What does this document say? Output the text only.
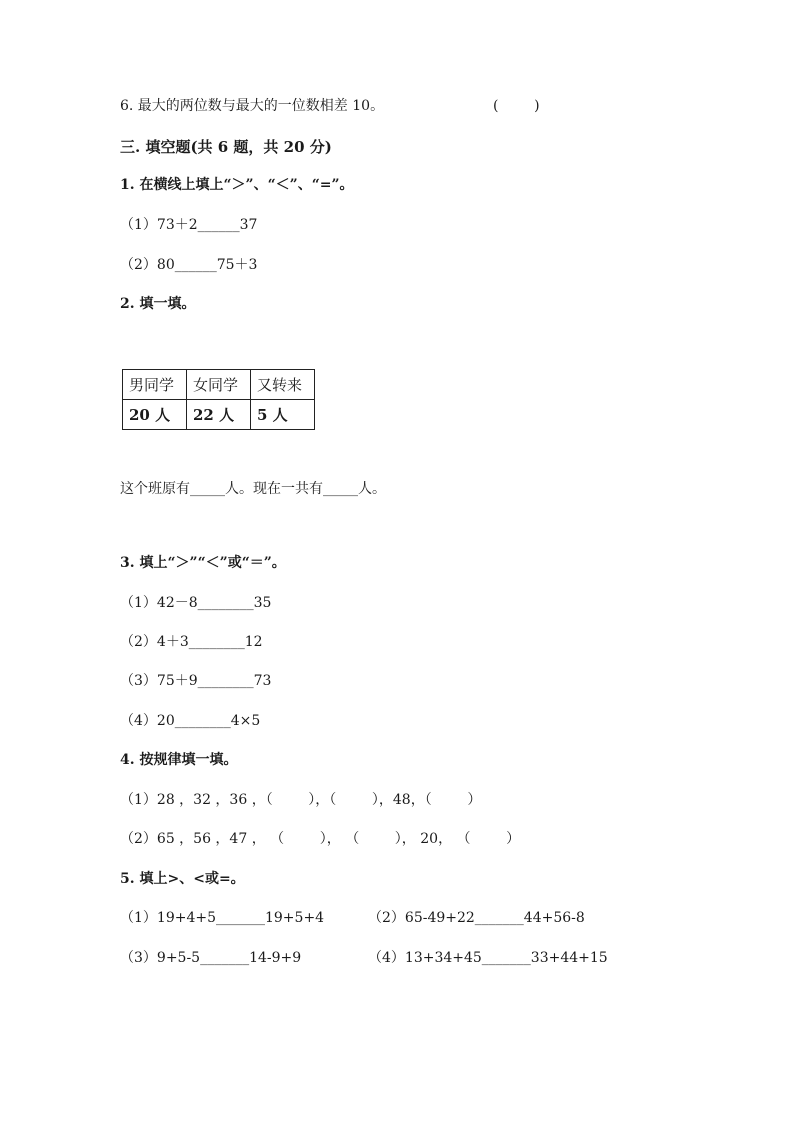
6. 最大的两位数与最大的一位数相差 10。	(        )
三. 填空题(共 6 题，共 20 分)
1. 在横线上填上“＞”、“＜”、“=”。
（1）73＋2______37
（2）80______75＋3
2. 填一填。
男同学	女同学	又转来
20 人	22 人	5 人
这个班原有_____人。现在一共有_____人。
3. 填上“＞”“＜”或“＝”。
（1）42－8________35
（2）4＋3________12
（3）75＋9________73
（4）20________4×5
4. 按规律填一填。
（1）28 ，32 ，36 ，（        ），（        ），48，（        ）
（2）65 ，56 ，47 ， （        ）， （        ）， 20， （        ）
5. 填上>、<或=。
（1）19+4+5_______19+5+4	（2）65-49+22_______44+56-8
（3）9+5-5_______14-9+9	（4）13+34+45_______33+44+15
